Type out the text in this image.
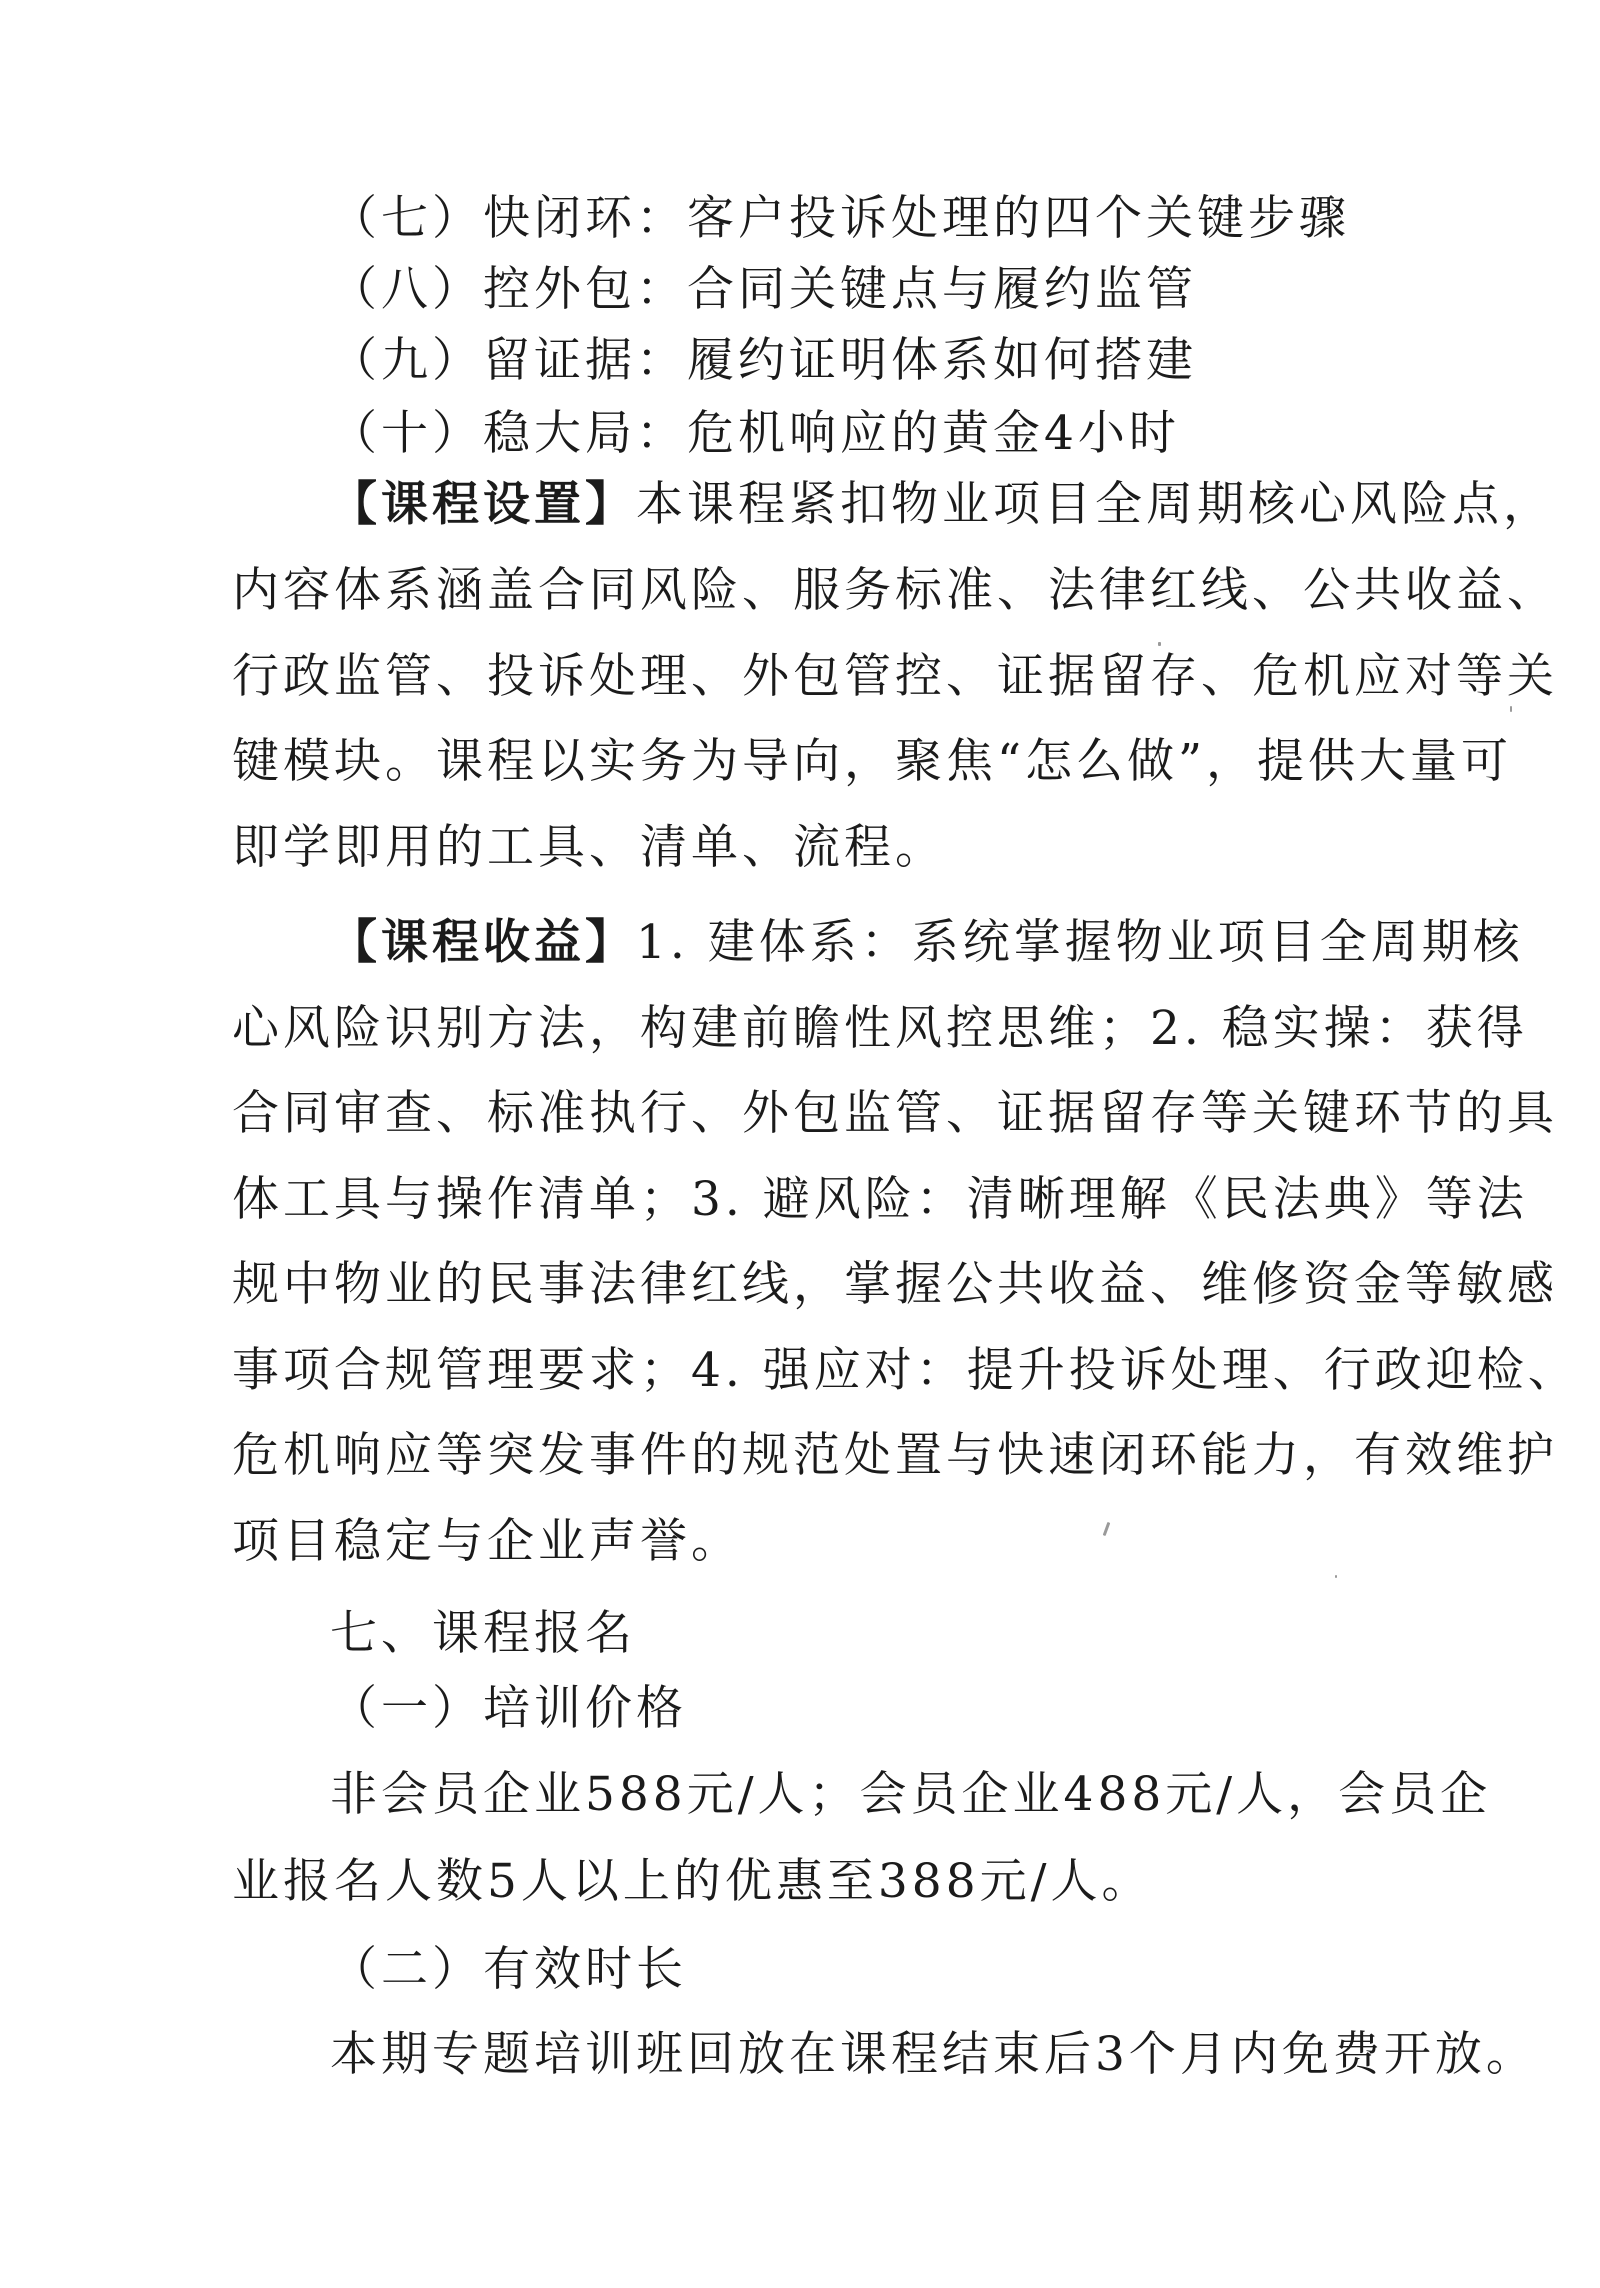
（七）快闭环：客户投诉处理的四个关键步骤
（八）控外包：合同关键点与履约监管
（九）留证据：履约证明体系如何搭建
（十）稳大局：危机响应的黄金4小时
【课程设置】本课程紧扣物业项目全周期核心风险点，
内容体系涵盖合同风险、服务标准、法律红线、公共收益、
行政监管、投诉处理、外包管控、证据留存、危机应对等关
键模块。课程以实务为导向，聚焦“怎么做”，提供大量可
即学即用的工具、清单、流程。
【课程收益】1. 建体系：系统掌握物业项目全周期核
心风险识别方法，构建前瞻性风控思维；2. 稳实操：获得
合同审查、标准执行、外包监管、证据留存等关键环节的具
体工具与操作清单；3. 避风险：清晰理解《民法典》等法
规中物业的民事法律红线，掌握公共收益、维修资金等敏感
事项合规管理要求；4. 强应对：提升投诉处理、行政迎检、
危机响应等突发事件的规范处置与快速闭环能力，有效维护
项目稳定与企业声誉。
七、课程报名
（一）培训价格
非会员企业588元/人；会员企业488元/人，会员企
业报名人数5人以上的优惠至388元/人。
（二）有效时长
本期专题培训班回放在课程结束后3个月内免费开放。
